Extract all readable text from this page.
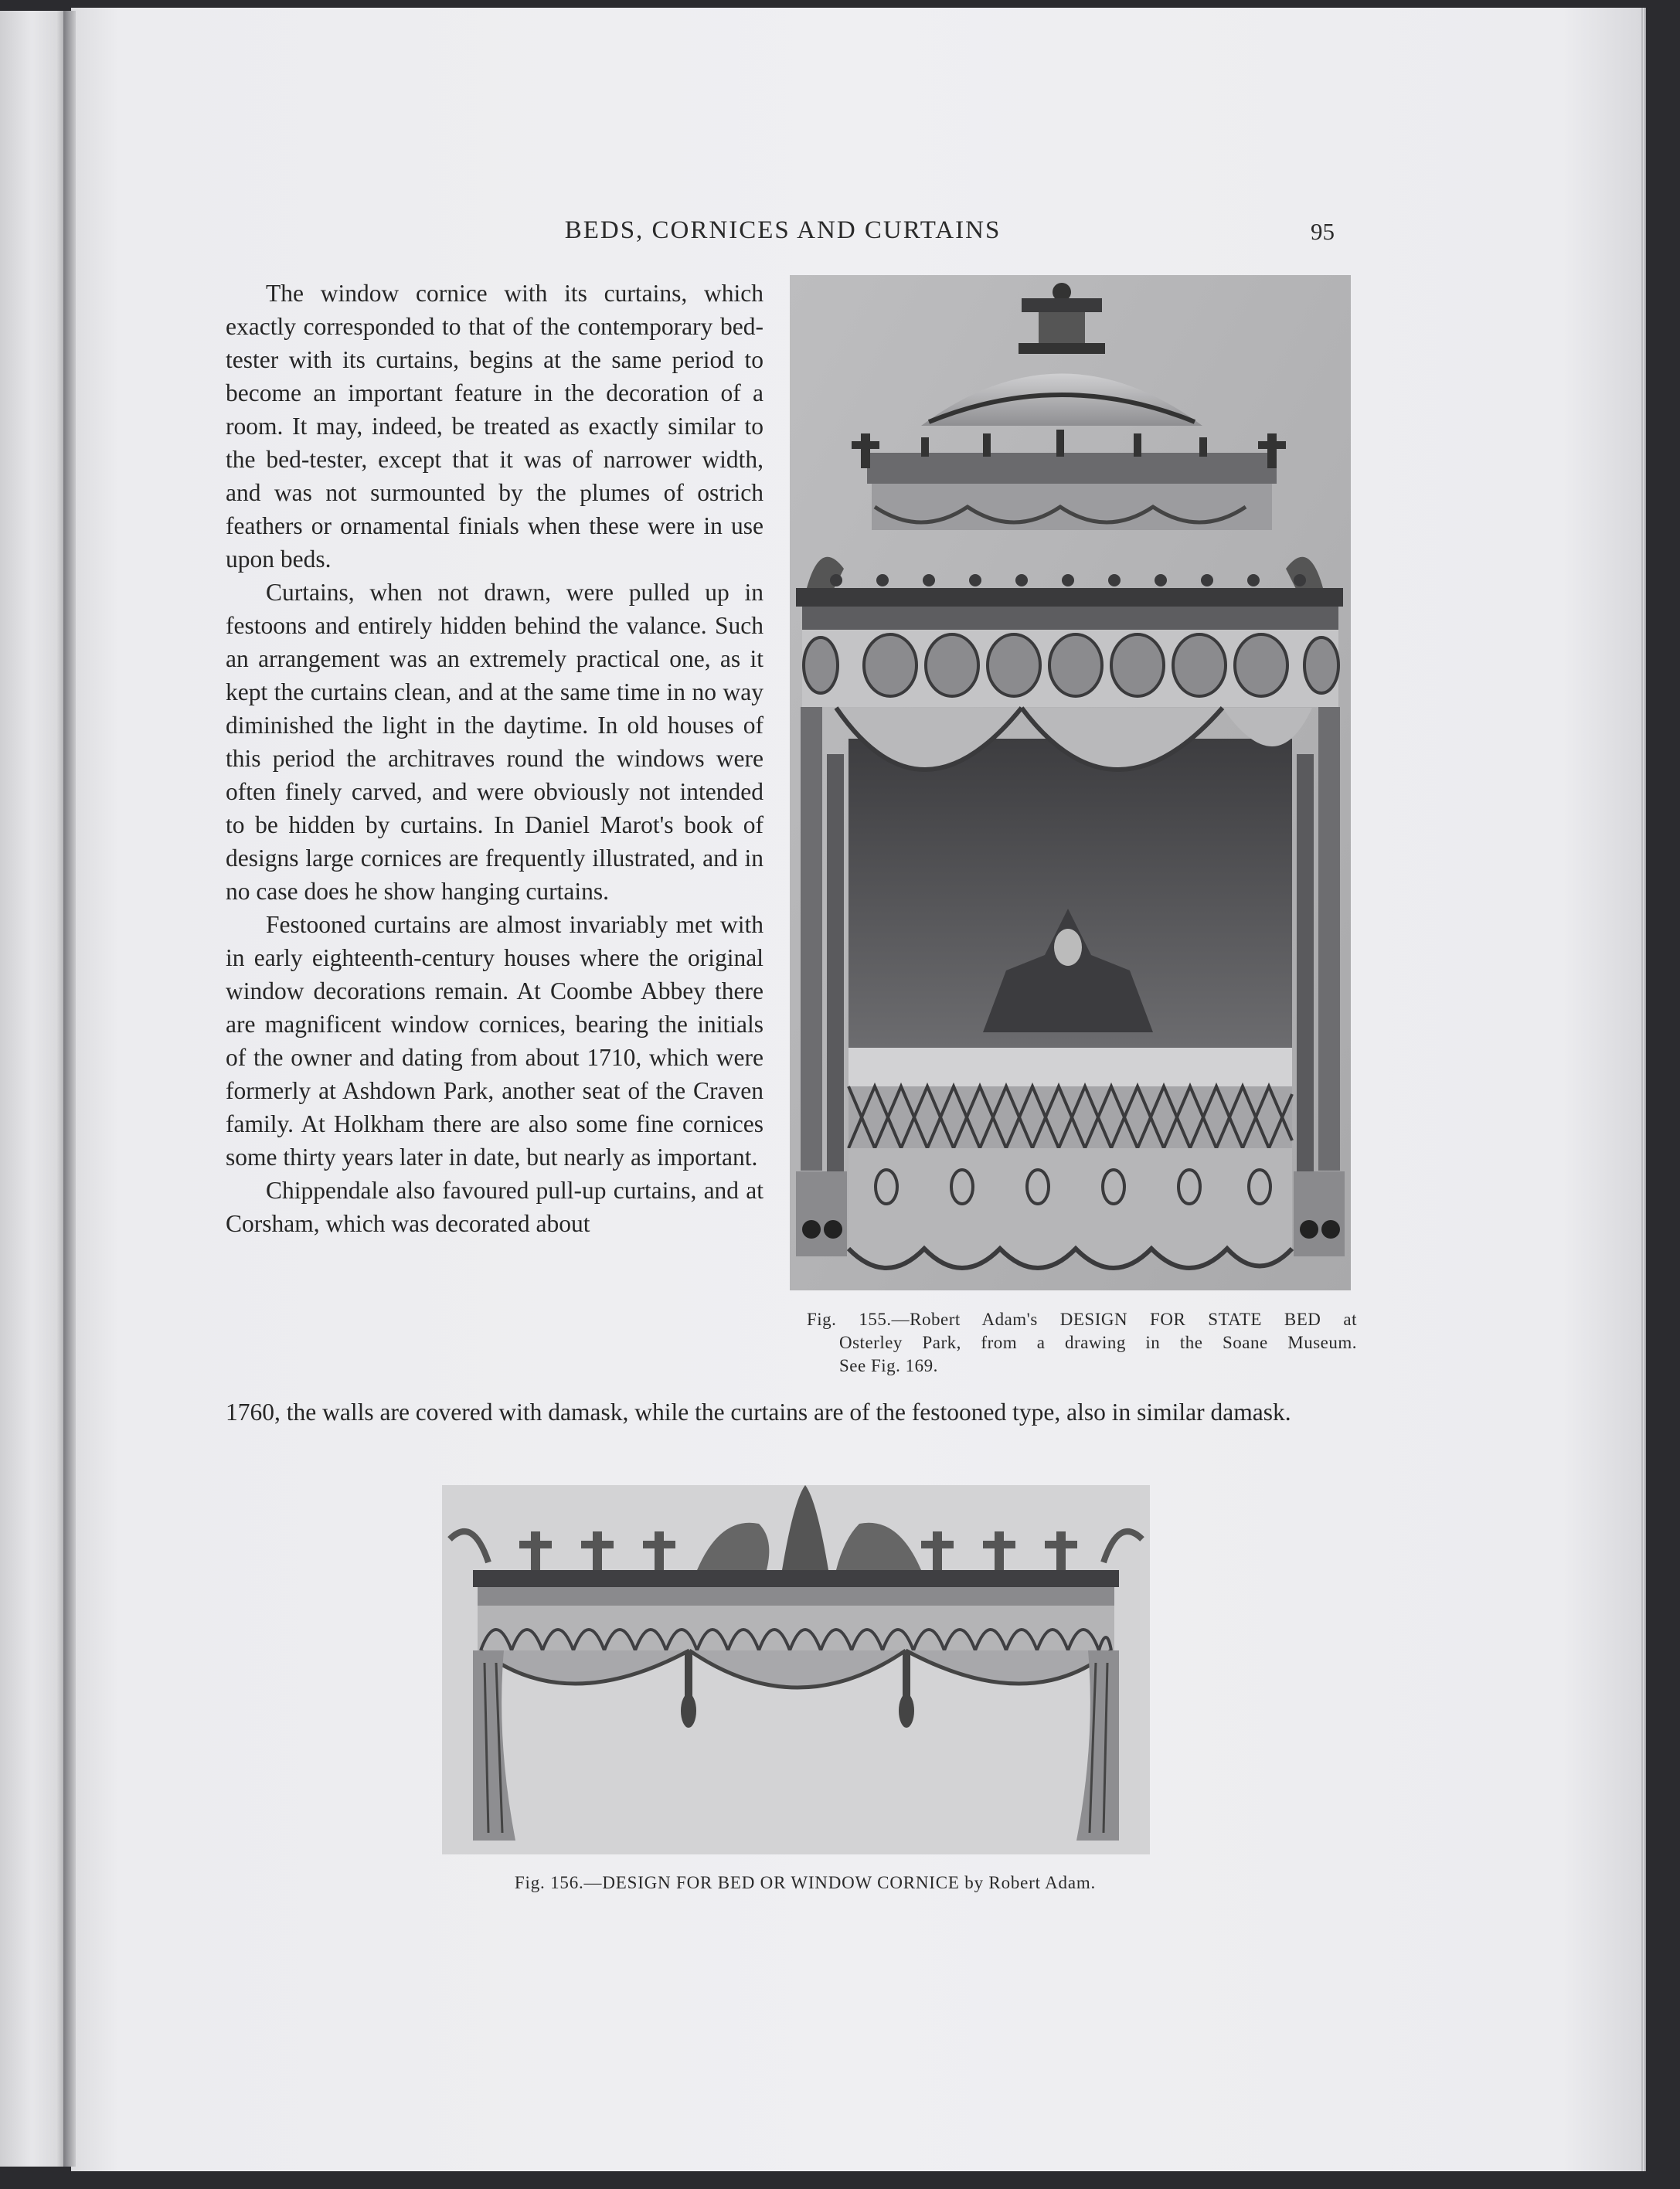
BEDS, CORNICES AND CURTAINS	95

The window cornice with its curtains, which exactly corresponded to that of the contemporary bed-tester with its curtains, begins at the same period to become an important feature in the decoration of a room. It may, indeed, be treated as exactly similar to the bed-tester, except that it was of narrower width, and was not surmounted by the plumes of ostrich feathers or ornamental finials when these were in use upon beds.

Curtains, when not drawn, were pulled up in festoons and entirely hidden behind the valance. Such an arrangement was an extremely practical one, as it kept the curtains clean, and at the same time in no way diminished the light in the daytime. In old houses of this period the architraves round the windows were often finely carved, and were obviously not intended to be hidden by curtains. In Daniel Marot's book of designs large cornices are frequently illustrated, and in no case does he show hanging curtains.

Festooned curtains are almost invariably met with in early eighteenth-century houses where the original window decorations remain. At Coombe Abbey there are magnificent window cornices, bearing the initials of the owner and dating from about 1710, which were formerly at Ashdown Park, another seat of the Craven family. At Holkham there are also some fine cornices some thirty years later in date, but nearly as important.

Chippendale also favoured pull-up curtains, and at Corsham, which was decorated about

1760, the walls are covered with damask, while the curtains are of the festooned type, also in similar damask.

Fig. 155.—Robert Adam's DESIGN FOR STATE BED at
Osterley Park, from a drawing in the Soane Museum.
See Fig. 169.
Fig. 156.—DESIGN FOR BED OR WINDOW CORNICE by Robert Adam.
